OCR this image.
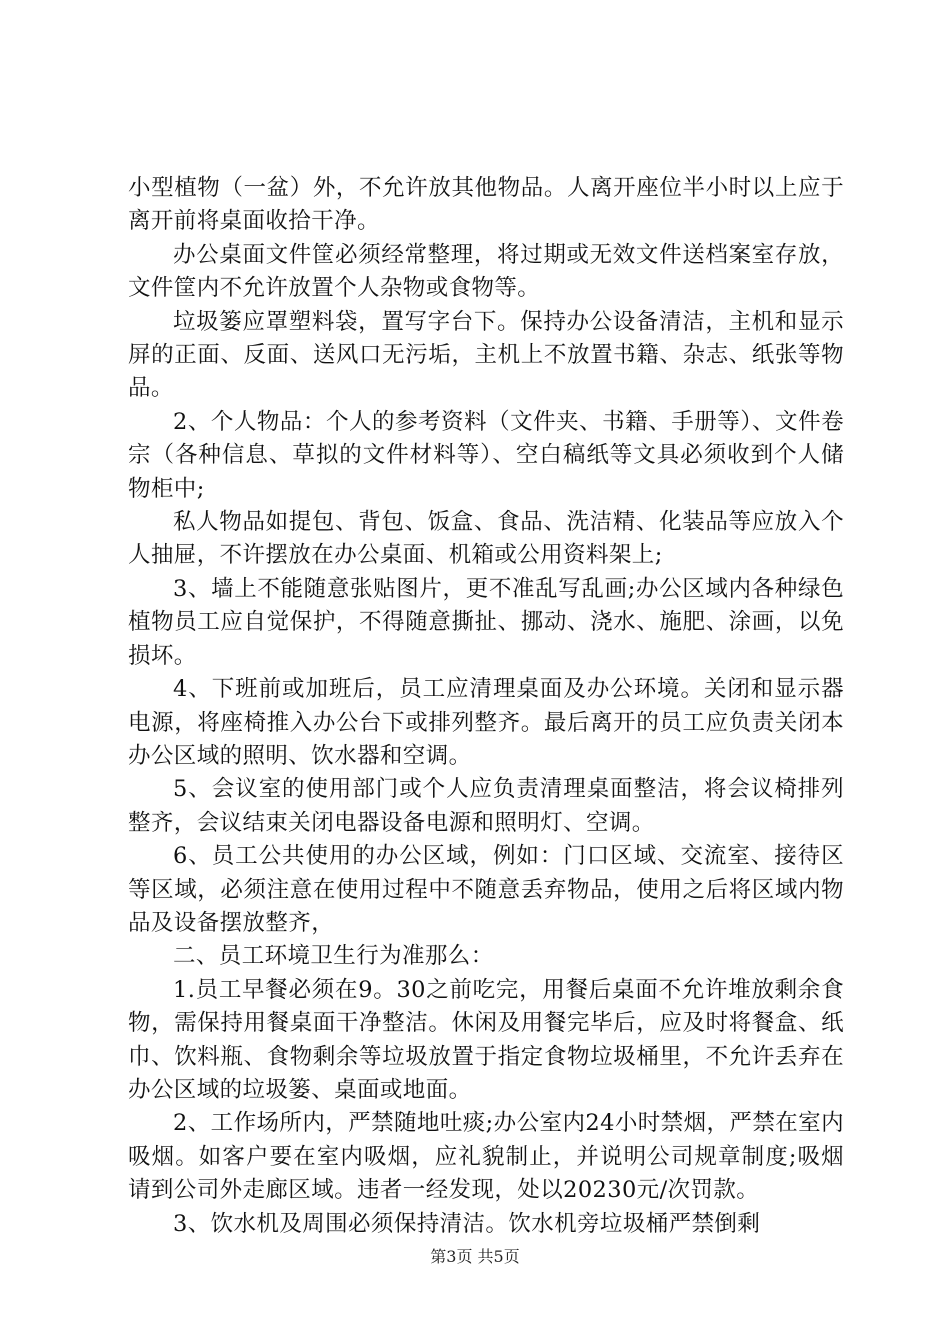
小型植物（一盆）外，不允许放其他物品。人离开座位半小时以上应于离开前将桌面收拾干净。

办公桌面文件筐必须经常整理，将过期或无效文件送档案室存放，文件筐内不允许放置个人杂物或食物等。

垃圾篓应罩塑料袋，置写字台下。保持办公设备清洁，主机和显示屏的正面、反面、送风口无污垢，主机上不放置书籍、杂志、纸张等物品。

2、个人物品：个人的参考资料（文件夹、书籍、手册等）、文件卷宗（各种信息、草拟的文件材料等）、空白稿纸等文具必须收到个人储物柜中;

私人物品如提包、背包、饭盒、食品、洗洁精、化装品等应放入个人抽屉，不许摆放在办公桌面、机箱或公用资料架上;

3、墙上不能随意张贴图片，更不准乱写乱画;办公区域内各种绿色植物员工应自觉保护，不得随意撕扯、挪动、浇水、施肥、涂画，以免损坏。

4、下班前或加班后，员工应清理桌面及办公环境。关闭和显示器电源，将座椅推入办公台下或排列整齐。最后离开的员工应负责关闭本办公区域的照明、饮水器和空调。

5、会议室的使用部门或个人应负责清理桌面整洁，将会议椅排列整齐，会议结束关闭电器设备电源和照明灯、空调。

6、员工公共使用的办公区域，例如：门口区域、交流室、接待区等区域，必须注意在使用过程中不随意丢弃物品，使用之后将区域内物品及设备摆放整齐，

二、员工环境卫生行为准那么：

1.员工早餐必须在9。30之前吃完，用餐后桌面不允许堆放剩余食物，需保持用餐桌面干净整洁。休闲及用餐完毕后，应及时将餐盒、纸巾、饮料瓶、食物剩余等垃圾放置于指定食物垃圾桶里，不允许丢弃在办公区域的垃圾篓、桌面或地面。

2、工作场所内，严禁随地吐痰;办公室内24小时禁烟，严禁在室内吸烟。如客户要在室内吸烟，应礼貌制止，并说明公司规章制度;吸烟请到公司外走廊区域。违者一经发现，处以20230元/次罚款。

3、饮水机及周围必须保持清洁。饮水机旁垃圾桶严禁倒剩

第3页 共5页
